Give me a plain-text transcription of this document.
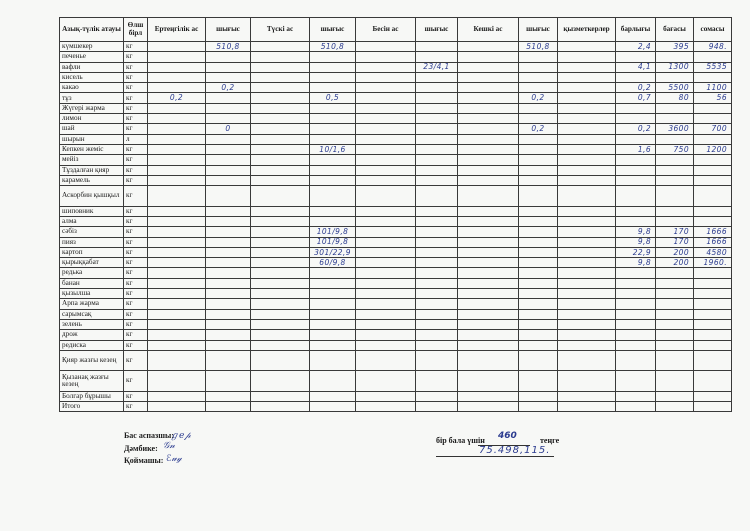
Азық-түлік атауы	Өлш бірл	Ертеңгілік ас	шығыс	Түскі ас	шығыс	Бесін ас	шығыс	Кешкі ас	шығыс	қызметкерлер	барлығы	бағасы	сомасы
күмшекер	кг		510,8		510,8				510,8		2,4	395	948.
печенье	кг												
вафли	кг						23/4,1				4,1	1300	5535
кисель	кг												
какао	кг		0,2								0,2	5500	1100
тұз	кг	0,2			0,5				0,2		0,7	80	56
Жүгері жарма	кг												
лимон	кг												
шай	кг		0						0,2		0,2	3600	700
шырын	л												
Кепкен жеміс	кг				10/1,6						1,6	750	1200
мейіз	кг												
Тұздалған қияр	кг												
карамель	кг												
Аскорбин қышқыл	кг												
шиповник	кг												
алма	кг												
сәбіз	кг				101/9,8						9,8	170	1666
пияз	кг				101/9,8						9,8	170	1666
картоп	кг				301/22,9						22,9	200	4580
қырыққабат	кг				60/9,8						9,8	200	1960.
редька	кг												
банан	кг												
қызылша	кг												
Арпа жарма	кг												
сарымсақ	кг												
зелень	кг												
дрож	кг												
редиска	кг												
Қияр жазғы кезең	кг												
Қызанақ жазғы кезең	кг												
Болгар бұрышы	кг												
Итого	кг												
Бас аспазшы:
Дәмбике:
Қоймашы:
ℊℯ𝓅
𝒢𝓃
ℰ𝓊𝓎
бір бала үшін 460	теңге
75.498,115.
